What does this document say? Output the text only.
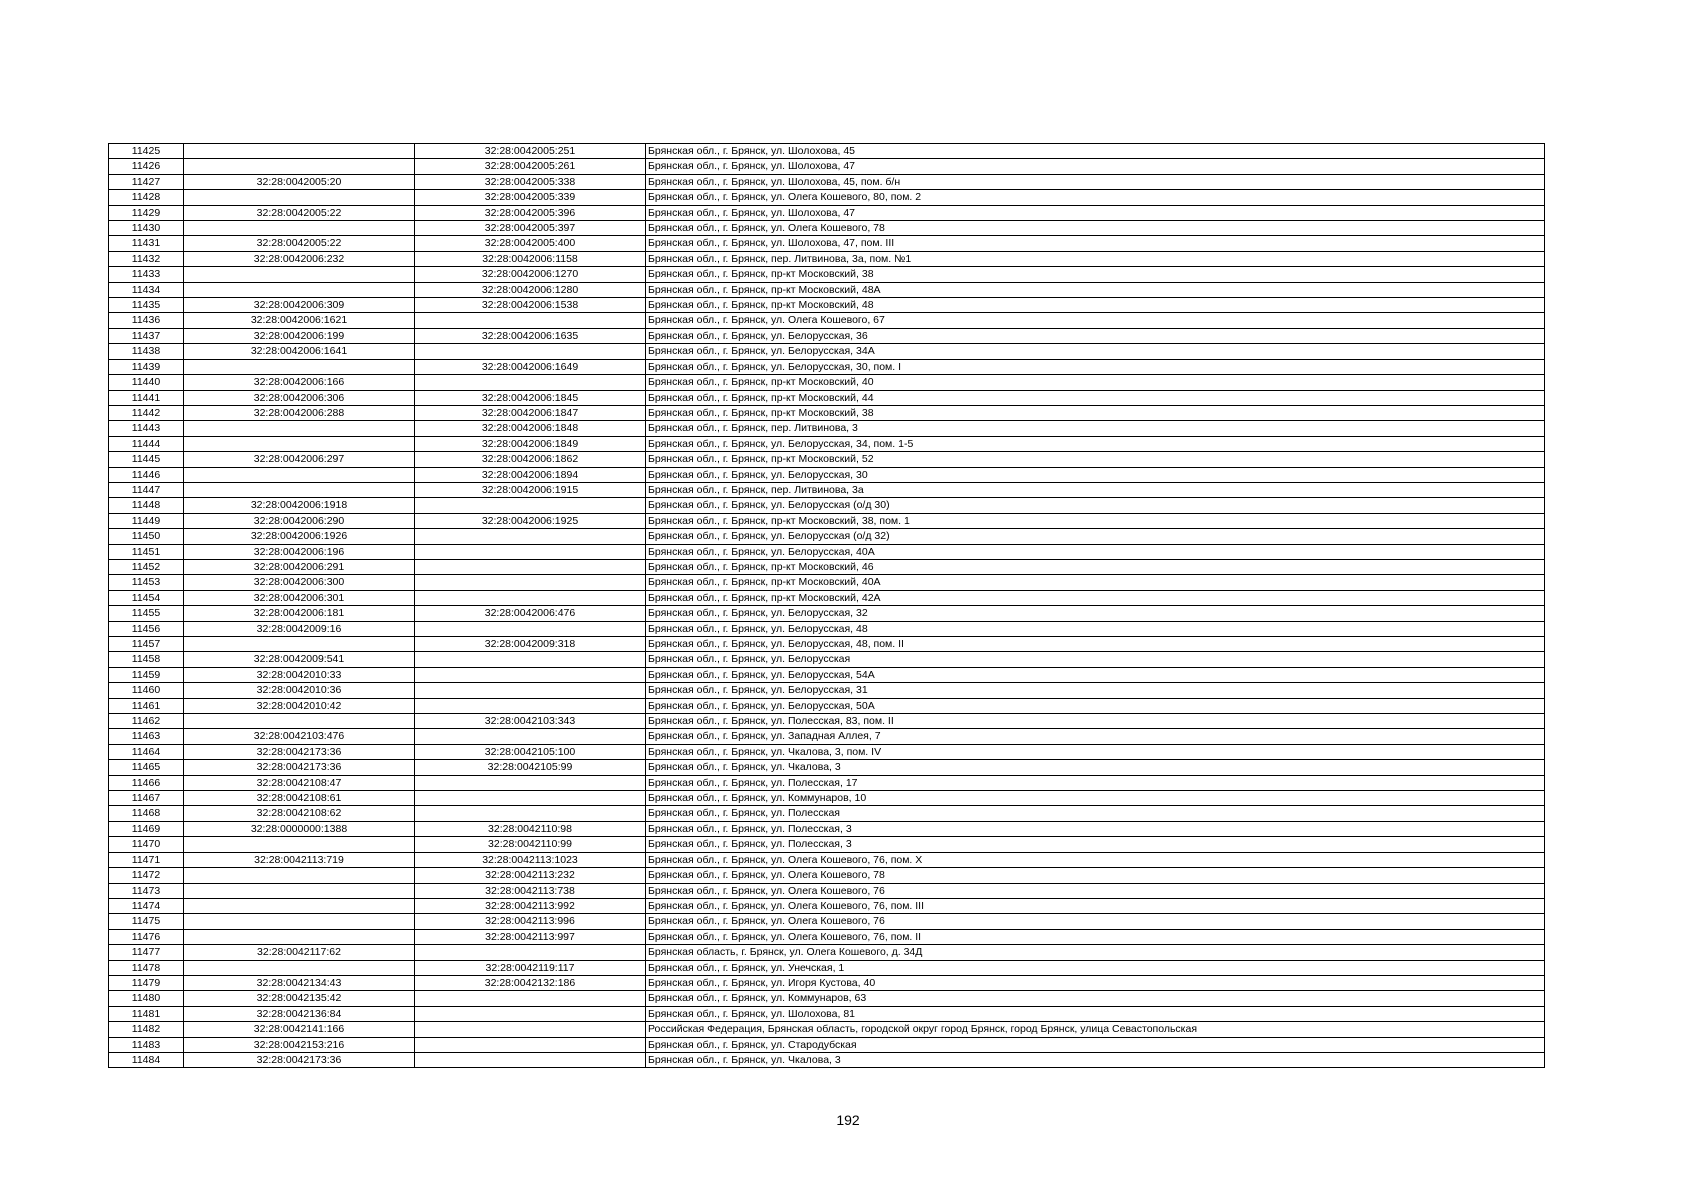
11425		32:28:0042005:251	Брянская обл., г. Брянск, ул. Шолохова, 45
11426		32:28:0042005:261	Брянская обл., г. Брянск, ул. Шолохова, 47
11427	32:28:0042005:20	32:28:0042005:338	Брянская обл., г. Брянск, ул. Шолохова, 45, пом. б/н
11428		32:28:0042005:339	Брянская обл., г. Брянск, ул. Олега Кошевого, 80, пом. 2
11429	32:28:0042005:22	32:28:0042005:396	Брянская обл., г. Брянск, ул. Шолохова, 47
11430		32:28:0042005:397	Брянская обл., г. Брянск, ул. Олега Кошевого, 78
11431	32:28:0042005:22	32:28:0042005:400	Брянская обл., г. Брянск, ул. Шолохова, 47, пом. III
11432	32:28:0042006:232	32:28:0042006:1158	Брянская обл., г. Брянск, пер. Литвинова, 3а, пом. №1
11433		32:28:0042006:1270	Брянская обл., г. Брянск, пр-кт Московский, 38
11434		32:28:0042006:1280	Брянская обл., г. Брянск, пр-кт Московский, 48А
11435	32:28:0042006:309	32:28:0042006:1538	Брянская обл., г. Брянск, пр-кт Московский, 48
11436	32:28:0042006:1621		Брянская обл., г. Брянск, ул. Олега Кошевого, 67
11437	32:28:0042006:199	32:28:0042006:1635	Брянская обл., г. Брянск, ул. Белорусская, 36
11438	32:28:0042006:1641		Брянская обл., г. Брянск, ул. Белорусская, 34А
11439		32:28:0042006:1649	Брянская обл., г. Брянск, ул. Белорусская, 30, пом. I
11440	32:28:0042006:166		Брянская обл., г. Брянск, пр-кт Московский, 40
11441	32:28:0042006:306	32:28:0042006:1845	Брянская обл., г. Брянск, пр-кт Московский, 44
11442	32:28:0042006:288	32:28:0042006:1847	Брянская обл., г. Брянск, пр-кт Московский, 38
11443		32:28:0042006:1848	Брянская обл., г. Брянск, пер. Литвинова, 3
11444		32:28:0042006:1849	Брянская обл., г. Брянск, ул. Белорусская, 34, пом. 1-5
11445	32:28:0042006:297	32:28:0042006:1862	Брянская обл., г. Брянск, пр-кт Московский, 52
11446		32:28:0042006:1894	Брянская обл., г. Брянск, ул. Белорусская, 30
11447		32:28:0042006:1915	Брянская обл., г. Брянск, пер. Литвинова, 3а
11448	32:28:0042006:1918		Брянская обл., г. Брянск, ул. Белорусская (о/д 30)
11449	32:28:0042006:290	32:28:0042006:1925	Брянская обл., г. Брянск, пр-кт Московский, 38, пом. 1
11450	32:28:0042006:1926		Брянская обл., г. Брянск, ул. Белорусская (о/д 32)
11451	32:28:0042006:196		Брянская обл., г. Брянск, ул. Белорусская, 40А
11452	32:28:0042006:291		Брянская обл., г. Брянск, пр-кт Московский, 46
11453	32:28:0042006:300		Брянская обл., г. Брянск, пр-кт Московский, 40А
11454	32:28:0042006:301		Брянская обл., г. Брянск, пр-кт Московский, 42А
11455	32:28:0042006:181	32:28:0042006:476	Брянская обл., г. Брянск, ул. Белорусская, 32
11456	32:28:0042009:16		Брянская обл., г. Брянск, ул. Белорусская, 48
11457		32:28:0042009:318	Брянская обл., г. Брянск, ул. Белорусская, 48, пом. II
11458	32:28:0042009:541		Брянская обл., г. Брянск, ул. Белорусская
11459	32:28:0042010:33		Брянская обл., г. Брянск, ул. Белорусская, 54А
11460	32:28:0042010:36		Брянская обл., г. Брянск, ул. Белорусская, 31
11461	32:28:0042010:42		Брянская обл., г. Брянск, ул. Белорусская, 50А
11462		32:28:0042103:343	Брянская обл., г. Брянск, ул. Полесская, 83, пом. II
11463	32:28:0042103:476		Брянская обл., г. Брянск, ул. Западная Аллея, 7
11464	32:28:0042173:36	32:28:0042105:100	Брянская обл., г. Брянск, ул. Чкалова, 3, пом. IV
11465	32:28:0042173:36	32:28:0042105:99	Брянская обл., г. Брянск, ул. Чкалова, 3
11466	32:28:0042108:47		Брянская обл., г. Брянск, ул. Полесская, 17
11467	32:28:0042108:61		Брянская обл., г. Брянск, ул. Коммунаров, 10
11468	32:28:0042108:62		Брянская обл., г. Брянск, ул. Полесская
11469	32:28:0000000:1388	32:28:0042110:98	Брянская обл., г. Брянск, ул. Полесская, 3
11470		32:28:0042110:99	Брянская обл., г. Брянск, ул. Полесская, 3
11471	32:28:0042113:719	32:28:0042113:1023	Брянская обл., г. Брянск, ул. Олега Кошевого, 76, пом. X
11472		32:28:0042113:232	Брянская обл., г. Брянск, ул. Олега Кошевого, 78
11473		32:28:0042113:738	Брянская обл., г. Брянск, ул. Олега Кошевого, 76
11474		32:28:0042113:992	Брянская обл., г. Брянск, ул. Олега Кошевого, 76, пом. III
11475		32:28:0042113:996	Брянская обл., г. Брянск, ул. Олега Кошевого, 76
11476		32:28:0042113:997	Брянская обл., г. Брянск, ул. Олега Кошевого, 76, пом. II
11477	32:28:0042117:62		Брянская область, г. Брянск, ул. Олега Кошевого, д. 34Д
11478		32:28:0042119:117	Брянская обл., г. Брянск, ул. Унечская, 1
11479	32:28:0042134:43	32:28:0042132:186	Брянская обл., г. Брянск, ул. Игоря Кустова, 40
11480	32:28:0042135:42		Брянская обл., г. Брянск, ул. Коммунаров, 63
11481	32:28:0042136:84		Брянская обл., г. Брянск, ул. Шолохова, 81
11482	32:28:0042141:166		Российская Федерация, Брянская область, городской округ город Брянск, город Брянск, улица Севастопольская
11483	32:28:0042153:216		Брянская обл., г. Брянск, ул. Стародубская
11484	32:28:0042173:36		Брянская обл., г. Брянск, ул. Чкалова, 3
192
